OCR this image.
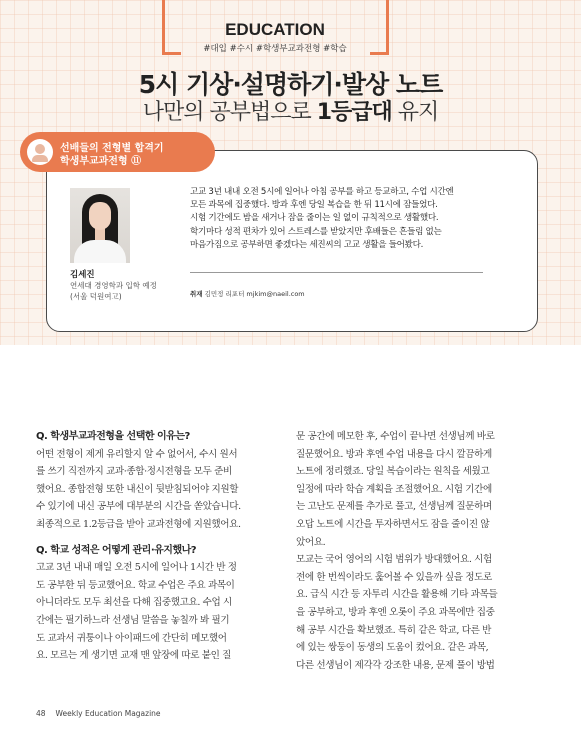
EDUCATION
#대입 #수시 #학생부교과전형 #학습
5시 기상·설명하기·발상 노트
나만의 공부법으로 1등급대 유지
선배들의 전형별 합격기
학생부교과전형 ⑪
김세진
연세대 경영학과 입학 예정
(서울 덕원여고)
고교 3년 내내 오전 5시에 일어나 아침 공부를 하고 등교하고, 수업 시간엔
모든 과목에 집중했다. 방과 후엔 당일 복습을 한 뒤 11시에 잠들었다.
시험 기간에도 밤을 새거나 잠을 줄이는 일 없이 규칙적으로 생활했다.
학기마다 성적 편차가 있어 스트레스를 받았지만 후배들은 흔들림 없는
마음가짐으로 공부하면 좋겠다는 세진씨의 고교 생활을 들어봤다.
취재 김민정 리포터 mjkim@naeil.com

Q. 학생부교과전형을 선택한 이유는?

어떤 전형이 제게 유리할지 알 수 없어서, 수시 원서

를 쓰기 직전까지 교과·종합·정시전형을 모두 준비

했어요. 종합전형 또한 내신이 뒷받침되어야 지원할

수 있기에 내신 공부에 대부분의 시간을 쏟았습니다.

최종적으로 1.2등급을 받아 교과전형에 지원했어요.

Q. 학교 성적은 어떻게 관리·유지했나?

고교 3년 내내 매일 오전 5시에 일어나 1시간 반 정

도 공부한 뒤 등교했어요. 학교 수업은 주요 과목이

아니더라도 모두 최선을 다해 집중했고요. 수업 시

간에는 필기하느라 선생님 말씀을 놓칠까 봐 필기

도 교과서 귀퉁이나 아이패드에 간단히 메모했어

요. 모르는 게 생기면 교재 맨 앞장에 따로 붙인 질

문 공간에 메모한 후, 수업이 끝나면 선생님께 바로

질문했어요. 방과 후엔 수업 내용을 다시 깔끔하게

노트에 정리했죠. 당일 복습이라는 원칙을 세웠고

일정에 따라 학습 계획을 조절했어요. 시험 기간에

는 고난도 문제를 추가로 풀고, 선생님께 질문하며

오답 노트에 시간을 투자하면서도 잠을 줄이진 않

았어요.

모교는 국어 영어의 시험 범위가 방대했어요. 시험

전에 한 번씩이라도 훑어볼 수 있을까 싶을 정도로

요. 급식 시간 등 자투리 시간을 활용해 기타 과목들

을 공부하고, 방과 후엔 오롯이 주요 과목에만 집중

해 공부 시간을 확보했죠. 특히 같은 학교, 다른 반

에 있는 쌍둥이 동생의 도움이 컸어요. 같은 과목,

다른 선생님이 제각각 강조한 내용, 문제 풀이 방법

48 Weekly Education Magazine
